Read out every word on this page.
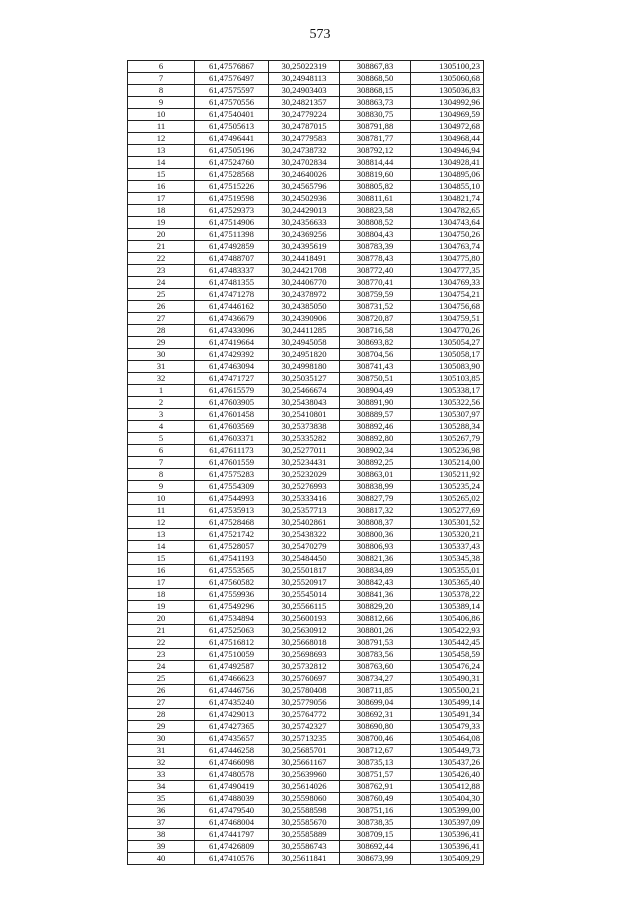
573
6	61,47576867	30,25022319	308867,83	1305100,23
7	61,47576497	30,24948113	308868,50	1305060,68
8	61,47575597	30,24903403	308868,15	1305036,83
9	61,47570556	30,24821357	308863,73	1304992,96
10	61,47540401	30,24779224	308830,75	1304969,59
11	61,47505613	30,24787015	308791,88	1304972,68
12	61,47496441	30,24779583	308781,77	1304968,44
13	61,47505196	30,24738732	308792,12	1304946,94
14	61,47524760	30,24702834	308814,44	1304928,41
15	61,47528568	30,24640026	308819,60	1304895,06
16	61,47515226	30,24565796	308805,82	1304855,10
17	61,47519598	30,24502936	308811,61	1304821,74
18	61,47529373	30,24429013	308823,58	1304782,65
19	61,47514906	30,24356633	308808,52	1304743,64
20	61,47511398	30,24369256	308804,43	1304750,26
21	61,47492859	30,24395619	308783,39	1304763,74
22	61,47488707	30,24418491	308778,43	1304775,80
23	61,47483337	30,24421708	308772,40	1304777,35
24	61,47481355	30,24406770	308770,41	1304769,33
25	61,47471278	30,24378972	308759,59	1304754,21
26	61,47446162	30,24385050	308731,52	1304756,68
27	61,47436679	30,24390906	308720,87	1304759,51
28	61,47433096	30,24411285	308716,58	1304770,26
29	61,47419664	30,24945058	308693,82	1305054,27
30	61,47429392	30,24951820	308704,56	1305058,17
31	61,47463094	30,24998180	308741,43	1305083,90
32	61,47471727	30,25035127	308750,51	1305103,85
1	61,47615579	30,25466674	308904,49	1305338,17
2	61,47603905	30,25438043	308891,90	1305322,56
3	61,47601458	30,25410801	308889,57	1305307,97
4	61,47603569	30,25373838	308892,46	1305288,34
5	61,47603371	30,25335282	308892,80	1305267,79
6	61,47611173	30,25277011	308902,34	1305236,98
7	61,47601559	30,25234431	308892,25	1305214,00
8	61,47575283	30,25232029	308863,01	1305211,92
9	61,47554309	30,25276993	308838,99	1305235,24
10	61,47544993	30,25333416	308827,79	1305265,02
11	61,47535913	30,25357713	308817,32	1305277,69
12	61,47528468	30,25402861	308808,37	1305301,52
13	61,47521742	30,25438322	308800,36	1305320,21
14	61,47528057	30,25470279	308806,93	1305337,43
15	61,47541193	30,25484450	308821,36	1305345,38
16	61,47553565	30,25501817	308834,89	1305355,01
17	61,47560582	30,25520917	308842,43	1305365,40
18	61,47559936	30,25545014	308841,36	1305378,22
19	61,47549296	30,25566115	308829,20	1305389,14
20	61,47534894	30,25600193	308812,66	1305406,86
21	61,47525063	30,25630912	308801,26	1305422,93
22	61,47516812	30,25668018	308791,53	1305442,45
23	61,47510059	30,25698693	308783,56	1305458,59
24	61,47492587	30,25732812	308763,60	1305476,24
25	61,47466623	30,25760697	308734,27	1305490,31
26	61,47446756	30,25780408	308711,85	1305500,21
27	61,47435240	30,25779056	308699,04	1305499,14
28	61,47429013	30,25764772	308692,31	1305491,34
29	61,47427365	30,25742327	308690,80	1305479,33
30	61,47435657	30,25713235	308700,46	1305464,08
31	61,47446258	30,25685701	308712,67	1305449,73
32	61,47466098	30,25661167	308735,13	1305437,26
33	61,47480578	30,25639960	308751,57	1305426,40
34	61,47490419	30,25614026	308762,91	1305412,88
35	61,47488039	30,25598060	308760,49	1305404,30
36	61,47479540	30,25588598	308751,16	1305399,00
37	61,47468004	30,25585670	308738,35	1305397,09
38	61,47441797	30,25585889	308709,15	1305396,41
39	61,47426809	30,25586743	308692,44	1305396,41
40	61,47410576	30,25611841	308673,99	1305409,29
